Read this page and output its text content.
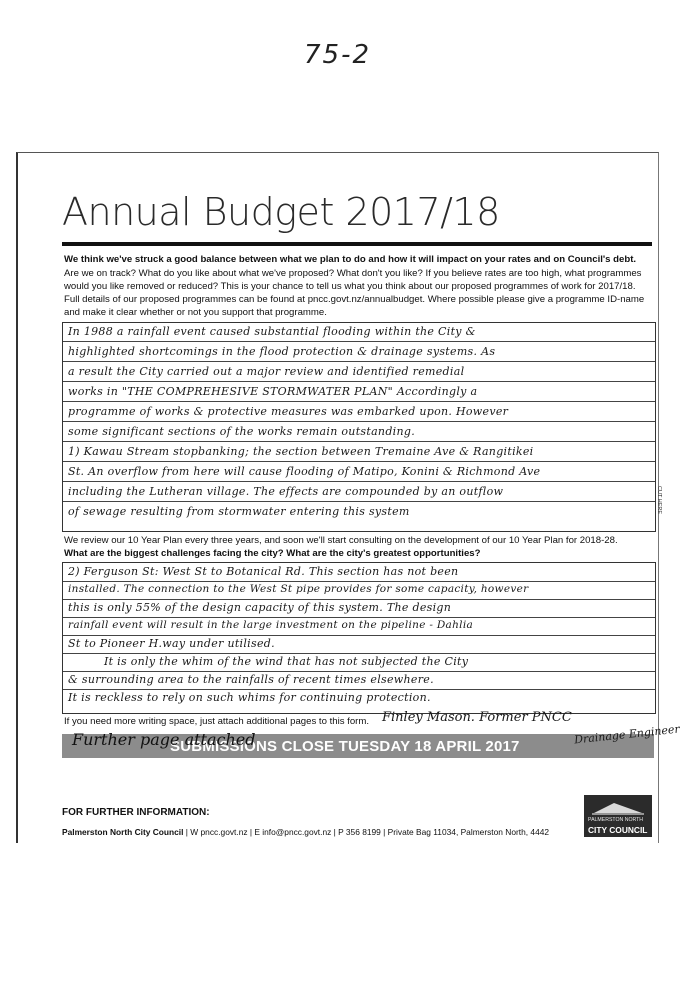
75-2
Annual Budget 2017/18
We think we've struck a good balance between what we plan to do and how it will impact on your rates and on Council's debt.
Are we on track? What do you like about what we've proposed? What don't you like? If you believe rates are too high, what programmes
would you like removed or reduced? This is your chance to tell us what you think about our proposed programmes of work for 2017/18.
Full details of our proposed programmes can be found at pncc.govt.nz/annualbudget. Where possible please give a programme ID-name
and make it clear whether or not you support that programme.
In 1988 a rainfall event caused substantial flooding within the City &
highlighted shortcomings in the flood protection & drainage systems. As
a result the City carried out a major review and identified remedial
works in "THE COMPREHESIVE STORMWATER PLAN" Accordingly a
programme of works & protective measures was embarked upon. However
some significant sections of the works remain outstanding.
1) Kawau Stream stopbanking; the section between Tremaine Ave & Rangitikei
St. An overflow from here will cause flooding of Matipo, Konini & Richmond Ave
including the Lutheran village. The effects are compounded by an outflow
of sewage resulting from stormwater entering this system
We review our 10 Year Plan every three years, and soon we'll start consulting on the development of our 10 Year Plan for 2018-28.
What are the biggest challenges facing the city? What are the city's greatest opportunities?
2) Ferguson St: West St to Botanical Rd. This section has not been
installed. The connection to the West St pipe provides for some capacity, however
this is only 55% of the design capacity of this system. The design
rainfall event will result in the large investment on the pipeline - Dahlia
St to Pioneer H.way under utilised.
It is only the whim of the wind that has not subjected the City
& surrounding area to the rainfalls of recent times elsewhere.
It is reckless to rely on such whims for continuing protection.
If you need more writing space, just attach additional pages to this form. Finley Mason. Former PNCC
SUBMISSIONS CLOSE TUESDAY 18 APRIL 2017
Further page attached	Drainage Engineer
FOR FURTHER INFORMATION:
Palmerston North City Council | W pncc.govt.nz | E info@pncc.govt.nz | P 356 8199 | Private Bag 11034, Palmerston North, 4442
PALMERSTON NORTH
CITY COUNCIL
CUT HERE
